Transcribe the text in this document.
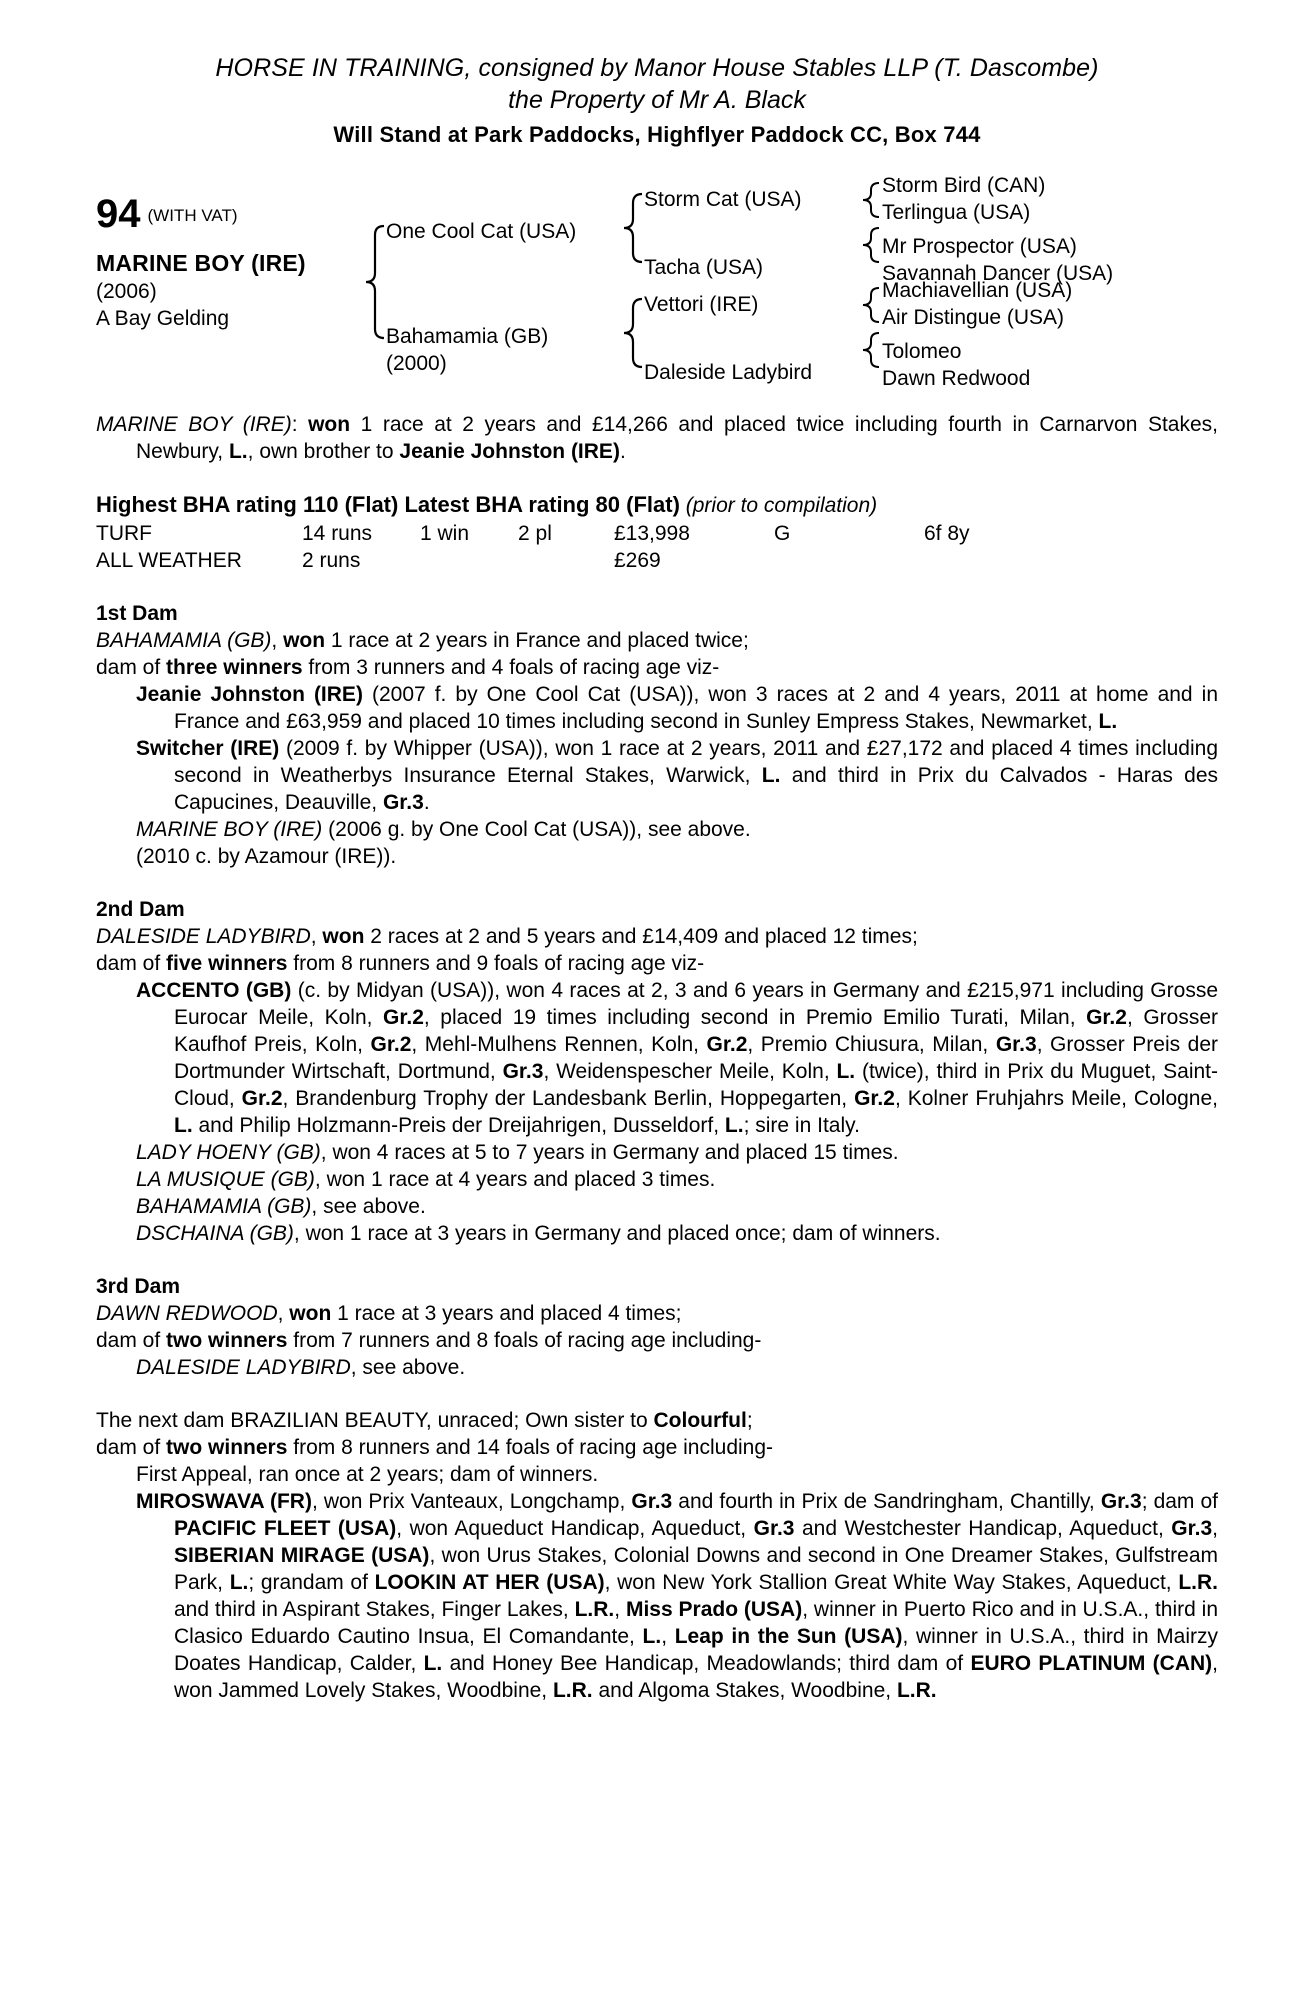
HORSE IN TRAINING, consigned by Manor House Stables LLP (T. Dascombe)
the Property of Mr A. Black
Will Stand at Park Paddocks, Highflyer Paddock CC, Box 744
94 (WITH VAT)
MARINE BOY (IRE)
(2006)
A Bay Gelding
One Cool Cat (USA)
Bahamamia (GB)
(2000)
Storm Cat (USA)
Tacha (USA)
Vettori (IRE)
Daleside Ladybird
Storm Bird (CAN)
Terlingua (USA)
Mr Prospector (USA)
Savannah Dancer (USA)
Machiavellian (USA)
Air Distingue (USA)
Tolomeo
Dawn Redwood
MARINE BOY (IRE): won 1 race at 2 years and £14,266 and placed twice including fourth in Carnarvon Stakes, Newbury, L., own brother to Jeanie Johnston (IRE).
Highest BHA rating 110 (Flat) Latest BHA rating 80 (Flat) (prior to compilation)
TURF	14 runs	1 win	2 pl	£13,998	G	6f 8y
ALL WEATHER	2 runs			£269		
1st Dam
BAHAMAMIA (GB), won 1 race at 2 years in France and placed twice;
dam of three winners from 3 runners and 4 foals of racing age viz-
Jeanie Johnston (IRE) (2007 f. by One Cool Cat (USA)), won 3 races at 2 and 4 years, 2011 at home and in France and £63,959 and placed 10 times including second in Sunley Empress Stakes, Newmarket, L.
Switcher (IRE) (2009 f. by Whipper (USA)), won 1 race at 2 years, 2011 and £27,172 and placed 4 times including second in Weatherbys Insurance Eternal Stakes, Warwick, L. and third in Prix du Calvados - Haras des Capucines, Deauville, Gr.3.
MARINE BOY (IRE) (2006 g. by One Cool Cat (USA)), see above.
(2010 c. by Azamour (IRE)).
2nd Dam
DALESIDE LADYBIRD, won 2 races at 2 and 5 years and £14,409 and placed 12 times;
dam of five winners from 8 runners and 9 foals of racing age viz-
ACCENTO (GB) (c. by Midyan (USA)), won 4 races at 2, 3 and 6 years in Germany and £215,971 including Grosse Eurocar Meile, Koln, Gr.2, placed 19 times including second in Premio Emilio Turati, Milan, Gr.2, Grosser Kaufhof Preis, Koln, Gr.2, Mehl-Mulhens Rennen, Koln, Gr.2, Premio Chiusura, Milan, Gr.3, Grosser Preis der Dortmunder Wirtschaft, Dortmund, Gr.3, Weidenspescher Meile, Koln, L. (twice), third in Prix du Muguet, Saint-Cloud, Gr.2, Brandenburg Trophy der Landesbank Berlin, Hoppegarten, Gr.2, Kolner Fruhjahrs Meile, Cologne, L. and Philip Holzmann-Preis der Dreijahrigen, Dusseldorf, L.; sire in Italy.
LADY HOENY (GB), won 4 races at 5 to 7 years in Germany and placed 15 times.
LA MUSIQUE (GB), won 1 race at 4 years and placed 3 times.
BAHAMAMIA (GB), see above.
DSCHAINA (GB), won 1 race at 3 years in Germany and placed once; dam of winners.
3rd Dam
DAWN REDWOOD, won 1 race at 3 years and placed 4 times;
dam of two winners from 7 runners and 8 foals of racing age including-
DALESIDE LADYBIRD, see above.
The next dam BRAZILIAN BEAUTY, unraced; Own sister to Colourful;
dam of two winners from 8 runners and 14 foals of racing age including-
First Appeal, ran once at 2 years; dam of winners.
MIROSWAVA (FR), won Prix Vanteaux, Longchamp, Gr.3 and fourth in Prix de Sandringham, Chantilly, Gr.3; dam of PACIFIC FLEET (USA), won Aqueduct Handicap, Aqueduct, Gr.3 and Westchester Handicap, Aqueduct, Gr.3, SIBERIAN MIRAGE (USA), won Urus Stakes, Colonial Downs and second in One Dreamer Stakes, Gulfstream Park, L.; grandam of LOOKIN AT HER (USA), won New York Stallion Great White Way Stakes, Aqueduct, L.R. and third in Aspirant Stakes, Finger Lakes, L.R., Miss Prado (USA), winner in Puerto Rico and in U.S.A., third in Clasico Eduardo Cautino Insua, El Comandante, L., Leap in the Sun (USA), winner in U.S.A., third in Mairzy Doates Handicap, Calder, L. and Honey Bee Handicap, Meadowlands; third dam of EURO PLATINUM (CAN), won Jammed Lovely Stakes, Woodbine, L.R. and Algoma Stakes, Woodbine, L.R.
